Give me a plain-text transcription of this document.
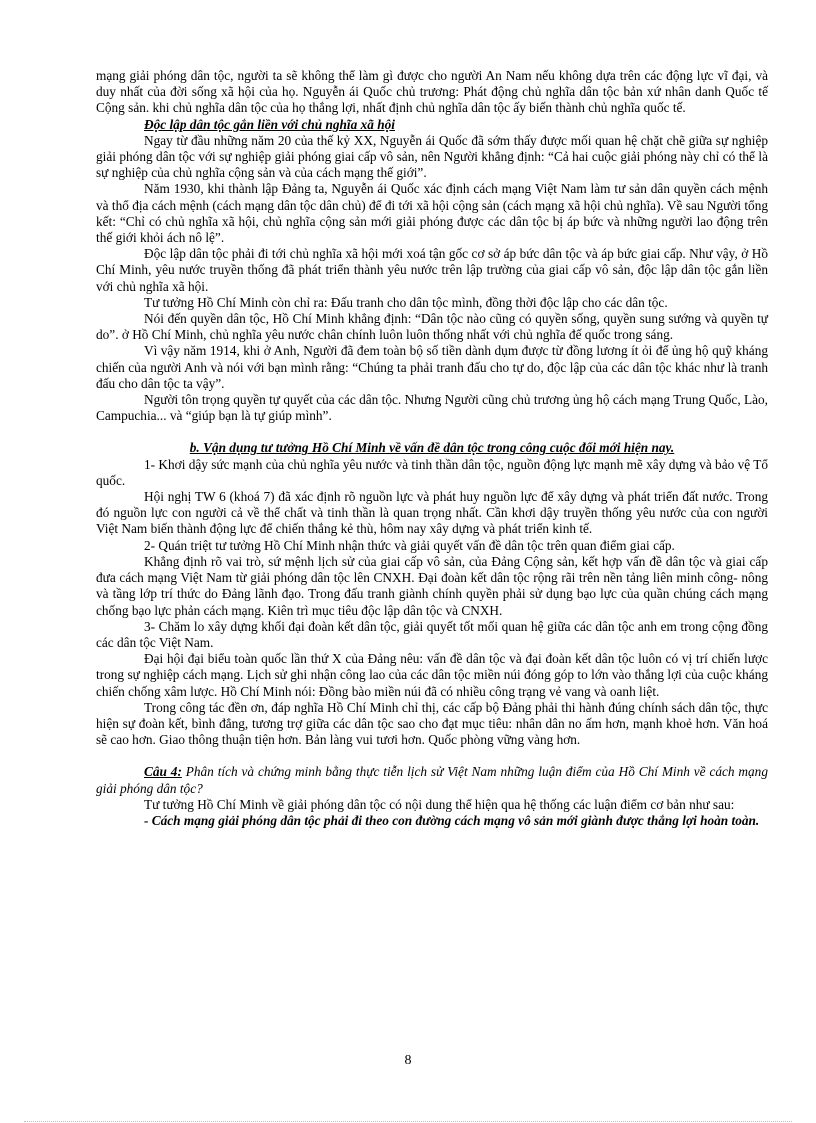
mạng giải phóng dân tộc, người ta sẽ không thể làm gì được cho người An Nam nếu không dựa trên các động lực vĩ đại, và duy nhất của đời sống xã hội của họ. Nguyễn ái Quốc chủ trương: Phát động chủ nghĩa dân tộc bản xứ nhân danh Quốc tế Cộng sản. khi chủ nghĩa dân tộc của họ thắng lợi, nhất định chủ nghĩa dân tộc ấy biến thành chủ nghĩa quốc tế.

Độc lập dân tộc gắn liền với chủ nghĩa xã hội

Ngay từ đầu những năm 20 của thế kỷ XX, Nguyễn ái Quốc đã sớm thấy được mối quan hệ chặt chẽ giữa sự nghiệp giải phóng dân tộc với sự nghiệp giải phóng giai cấp vô sản, nên Người khẳng định: “Cả hai cuộc giải phóng này chỉ có thể là sự nghiệp của chủ nghĩa cộng sản và của cách mạng thế giới”.

Năm 1930, khi thành lập Đảng ta, Nguyễn ái Quốc xác định cách mạng Việt Nam làm tư sản dân quyền cách mệnh và thổ địa cách mệnh (cách mạng dân tộc dân chủ) để đi tới xã hội cộng sản (cách mạng xã hội chủ nghĩa). Về sau Người tổng kết: “Chỉ có chủ nghĩa xã hội, chủ nghĩa cộng sản mới giải phóng được các dân tộc bị áp bức và những người lao động trên thế giới khỏi ách nô lệ”.

Độc lập dân tộc phải đi tới chủ nghĩa xã hội mới xoá tận gốc cơ sở áp bức dân tộc và áp bức giai cấp. Như vậy, ở Hồ Chí Minh, yêu nước truyền thống đã phát triển thành yêu nước trên lập trường của giai cấp vô sản, độc lập dân tộc gắn liền với chủ nghĩa xã hội.

Tư tưởng Hồ Chí Minh còn chỉ ra: Đấu tranh cho dân tộc mình, đồng thời độc lập cho các dân tộc.

Nói đến quyền dân tộc, Hồ Chí Minh khẳng định: “Dân tộc nào cũng có quyền sống, quyền sung sướng và quyền tự do”. ở Hồ Chí Minh, chủ nghĩa yêu nước chân chính luôn luôn thống nhất với chủ nghĩa đế quốc trong sáng.

Vì vậy năm 1914, khi ở Anh, Người đã đem toàn bộ số tiền dành dụm được từ đồng lương ít ỏi để ủng hộ quỹ kháng chiến của người Anh và nói với bạn mình rằng: “Chúng ta phải tranh đấu cho tự do, độc lập của các dân tộc khác như là tranh đấu cho dân tộc ta vậy”.

Người tôn trọng quyền tự quyết của các dân tộc. Nhưng Người cũng chủ trương ủng hộ cách mạng Trung Quốc, Lào, Campuchia... và “giúp bạn là tự giúp mình”.

b. Vận dụng tư tưởng Hồ Chí Minh về vấn đề dân tộc trong công cuộc đổi mới hiện nay.

1- Khơi dậy sức mạnh của chủ nghĩa yêu nước và tinh thần dân tộc, nguồn động lực mạnh mẽ xây dựng và bảo vệ Tổ quốc.

Hội nghị TW 6 (khoá 7) đã xác định rõ nguồn lực và phát huy nguồn lực để xây dựng và phát triển đất nước. Trong đó nguồn lực con người cả về thể chất và tinh thần là quan trọng nhất. Cần khơi dậy truyền thống yêu nước của con người Việt Nam biến thành động lực để chiến thắng kẻ thù, hôm nay xây dựng và phát triển kinh tế.

2- Quán triệt tư tưởng Hồ Chí Minh nhận thức và giải quyết vấn đề dân tộc trên quan điểm giai cấp.

Khẳng định rõ vai trò, sứ mệnh lịch sử của giai cấp vô sản, của Đảng Cộng sản, kết hợp vấn đề dân tộc và giai cấp đưa cách mạng Việt Nam từ giải phóng dân tộc lên CNXH. Đại đoàn kết dân tộc rộng rãi trên nền tảng liên minh công- nông và tầng lớp trí thức do Đảng lãnh đạo. Trong đấu tranh giành chính quyền phải sử dụng bạo lực của quần chúng cách mạng chống bạo lực phản cách mạng. Kiên trì mục tiêu độc lập dân tộc và CNXH.

3- Chăm lo xây dựng khối đại đoàn kết dân tộc, giải quyết tốt mối quan hệ giữa các dân tộc anh em trong cộng đồng các dân tộc Việt Nam.

Đại hội đại biểu toàn quốc lần thứ X của Đảng nêu: vấn đề dân tộc và đại đoàn kết dân tộc luôn có vị trí chiến lược trong sự nghiệp cách mạng. Lịch sử ghi nhận công lao của các dân tộc miền núi đóng góp to lớn vào thắng lợi của cuộc kháng chiến chống xâm lược. Hồ Chí Minh nói: Đồng bào miền núi đã có nhiều công trạng vẻ vang và oanh liệt.

Trong công tác đền ơn, đáp nghĩa Hồ Chí Minh chỉ thị, các cấp bộ Đảng phải thi hành đúng chính sách dân tộc, thực hiện sự đoàn kết, bình đẳng, tương trợ giữa các dân tộc sao cho đạt mục tiêu: nhân dân no ấm hơn, mạnh khoẻ hơn. Văn hoá sẽ cao hơn. Giao thông thuận tiện hơn. Bản làng vui tươi hơn. Quốc phòng vững vàng hơn.

Câu 4: Phân tích và chứng minh bằng thực tiễn lịch sử Việt Nam những luận điểm của Hồ Chí Minh về cách mạng giải phóng dân tộc?

Tư tưởng Hồ Chí Minh về giải phóng dân tộc có nội dung thể hiện qua hệ thống các luận điểm cơ bản như sau:

- Cách mạng giải phóng dân tộc phải đi theo con đường cách mạng vô sản mới giành được thắng lợi hoàn toàn.

8
